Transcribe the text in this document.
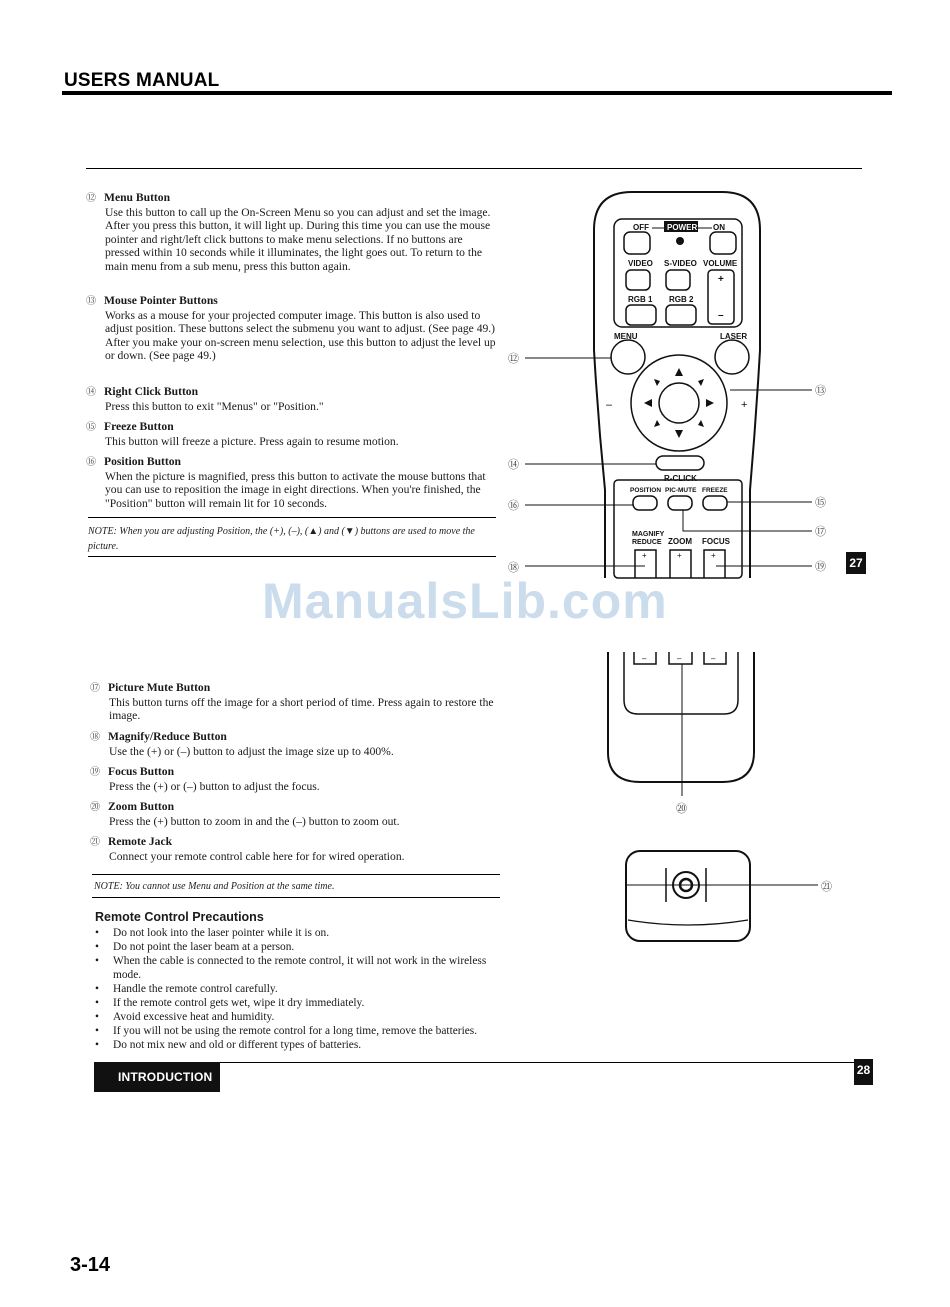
USERS MANUAL
⑫ Menu Button
Use this button to call up the On-Screen Menu so you can adjust and set the image. After you press this button, it will light up. During this time you can use the mouse pointer and right/left click buttons to make menu selections. If no buttons are pressed within 10 seconds while it illuminates, the light goes out. To return to the main menu from a sub menu, press this button again.
⑬ Mouse Pointer Buttons
Works as a mouse for your projected computer image. This button is also used to adjust position. These buttons select the submenu you want to adjust. (See page 49.) After you make your on-screen menu selection, use this button to adjust the level up or down. (See page 49.)
⑭ Right Click Button
Press this button to exit "Menus" or "Position."
⑮ Freeze Button
This button will freeze a picture. Press again to resume motion.
⑯ Position Button
When the picture is magnified, press this button to activate the mouse buttons that you can use to reposition the image in eight directions. When you're finished, the "Position" button will remain lit for 10 seconds.
NOTE: When you are adjusting Position, the (+), (–), (▲) and (▼) buttons are used to move the picture.
ManualsLib.com
⑰ Picture Mute Button
This button turns off the image for a short period of time. Press again to restore the image.
⑱ Magnify/Reduce Button
Use the (+) or (–) button to adjust the image size up to 400%.
⑲ Focus Button
Press the (+) or (–) button to adjust the focus.
⑳ Zoom Button
Press the (+) button to zoom in and the (–) button to zoom out.
㉑ Remote Jack
Connect your remote control cable here for for wired operation.
NOTE: You cannot use Menu and Position at the same time.
Remote Control Precautions
• Do not look into the laser pointer while it is on.
• Do not point the laser beam at a person.
• When the cable is connected to the remote control, it will not work in the wireless mode.
• Handle the remote control carefully.
• If the remote control gets wet, wipe it dry immediately.
• Avoid excessive heat and humidity.
• If you will not be using the remote control for a long time, remove the batteries.
• Do not mix new and old or different types of batteries.
INTRODUCTION
27
28
3-14
OFF POWER ON
VIDEO S-VIDEO VOLUME
+
–
RGB 1 RGB 2
MENU	LASER
–	+
R-CLICK
POSITION PIC-MUTE FREEZE
MAGNIFY
REDUCE ZOOM FOCUS
+	+	+
–	–	–
⑫
⑬
⑭
⑮
⑯
⑰
⑱	⑲
⑳
㉑
